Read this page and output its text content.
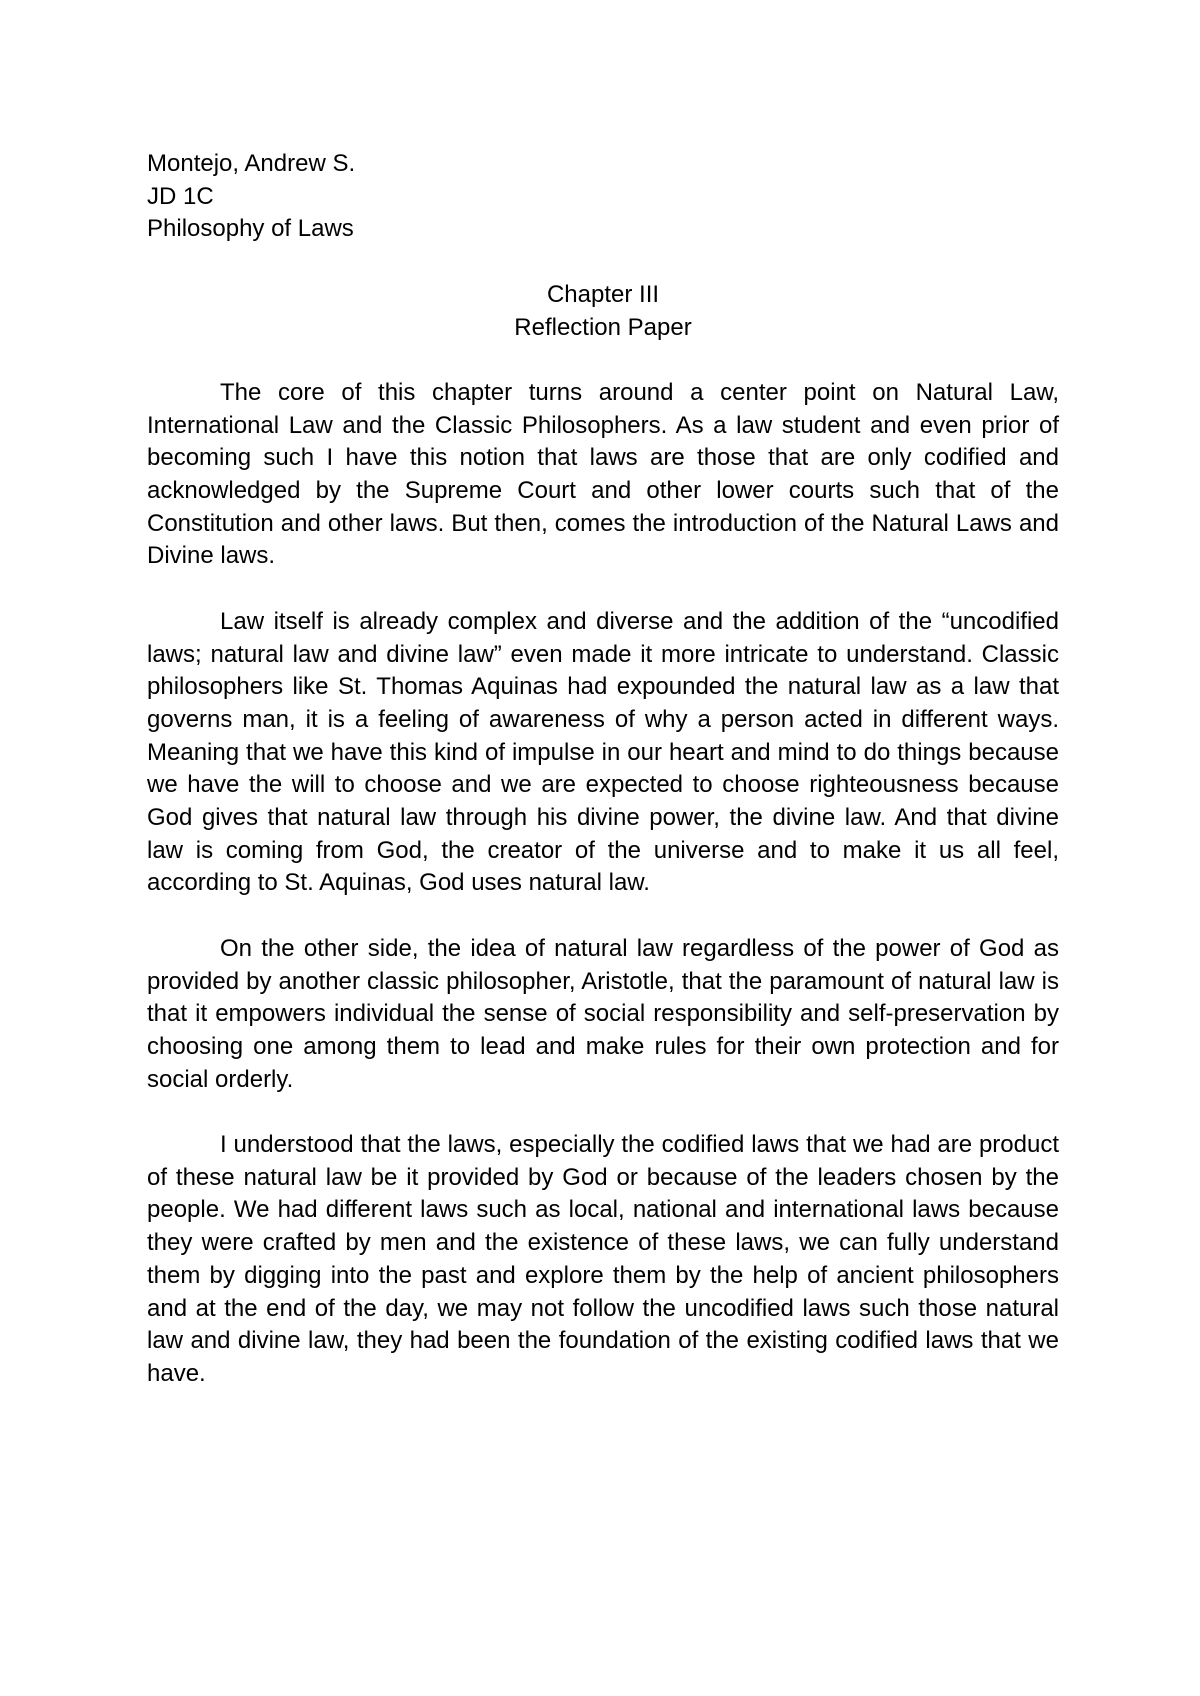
Montejo, Andrew S.

JD 1C

Philosophy of Laws

Chapter III

Reflection Paper

The core of this chapter turns around a center point on Natural Law, International Law and the Classic Philosophers. As a law student and even prior of becoming such I have this notion that laws are those that are only codified and acknowledged by the Supreme Court and other lower courts such that of the Constitution and other laws. But then, comes the introduction of the Natural Laws and Divine laws.

Law itself is already complex and diverse and the addition of the “uncodified laws; natural law and divine law” even made it more intricate to understand. Classic philosophers like St. Thomas Aquinas had expounded the natural law as a law that governs man, it is a feeling of awareness of why a person acted in different ways. Meaning that we have this kind of impulse in our heart and mind to do things because we have the will to choose and we are expected to choose righteousness because God gives that natural law through his divine power, the divine law. And that divine law is coming from God, the creator of the universe and to make it us all feel, according to St. Aquinas, God uses natural law.

On the other side, the idea of natural law regardless of the power of God as provided by another classic philosopher, Aristotle, that the paramount of natural law is that it empowers individual the sense of social responsibility and self-preservation by choosing one among them to lead and make rules for their own protection and for social orderly.

I understood that the laws, especially the codified laws that we had are product of these natural law be it provided by God or because of the leaders chosen by the people. We had different laws such as local, national and international laws because they were crafted by men and the existence of these laws, we can fully understand them by digging into the past and explore them by the help of ancient philosophers and at the end of the day, we may not follow the uncodified laws such those natural law and divine law, they had been the foundation of the existing codified laws that we have.
